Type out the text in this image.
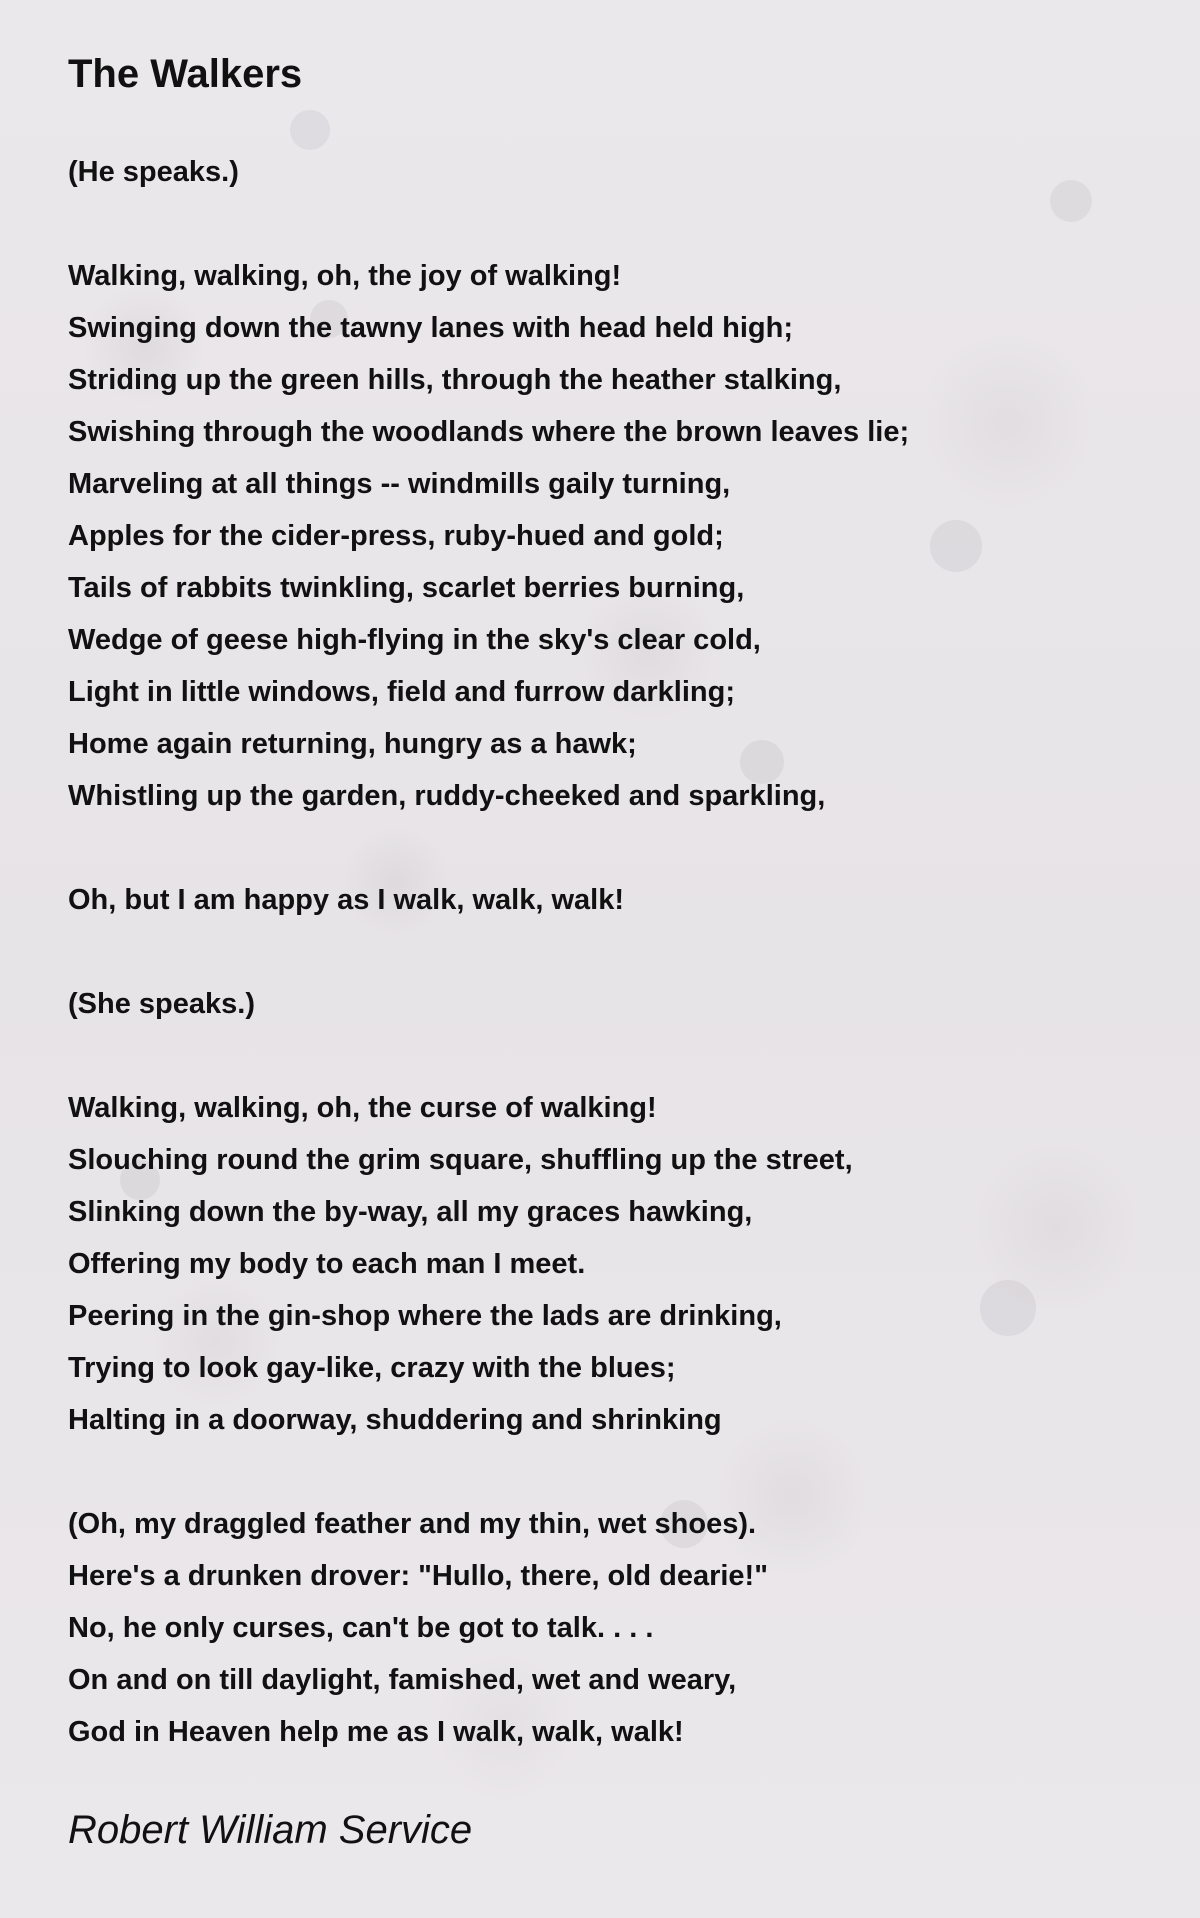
The Walkers
(He speaks.)
Walking, walking, oh, the joy of walking!
Swinging down the tawny lanes with head held high;
Striding up the green hills, through the heather stalking,
Swishing through the woodlands where the brown leaves lie;
Marveling at all things -- windmills gaily turning,
Apples for the cider-press, ruby-hued and gold;
Tails of rabbits twinkling, scarlet berries burning,
Wedge of geese high-flying in the sky's clear cold,
Light in little windows, field and furrow darkling;
Home again returning, hungry as a hawk;
Whistling up the garden, ruddy-cheeked and sparkling,
Oh, but I am happy as I walk, walk, walk!
(She speaks.)
Walking, walking, oh, the curse of walking!
Slouching round the grim square, shuffling up the street,
Slinking down the by-way, all my graces hawking,
Offering my body to each man I meet.
Peering in the gin-shop where the lads are drinking,
Trying to look gay-like, crazy with the blues;
Halting in a doorway, shuddering and shrinking
(Oh, my draggled feather and my thin, wet shoes).
Here's a drunken drover: "Hullo, there, old dearie!"
No, he only curses, can't be got to talk. . . .
On and on till daylight, famished, wet and weary,
God in Heaven help me as I walk, walk, walk!
Robert William Service
